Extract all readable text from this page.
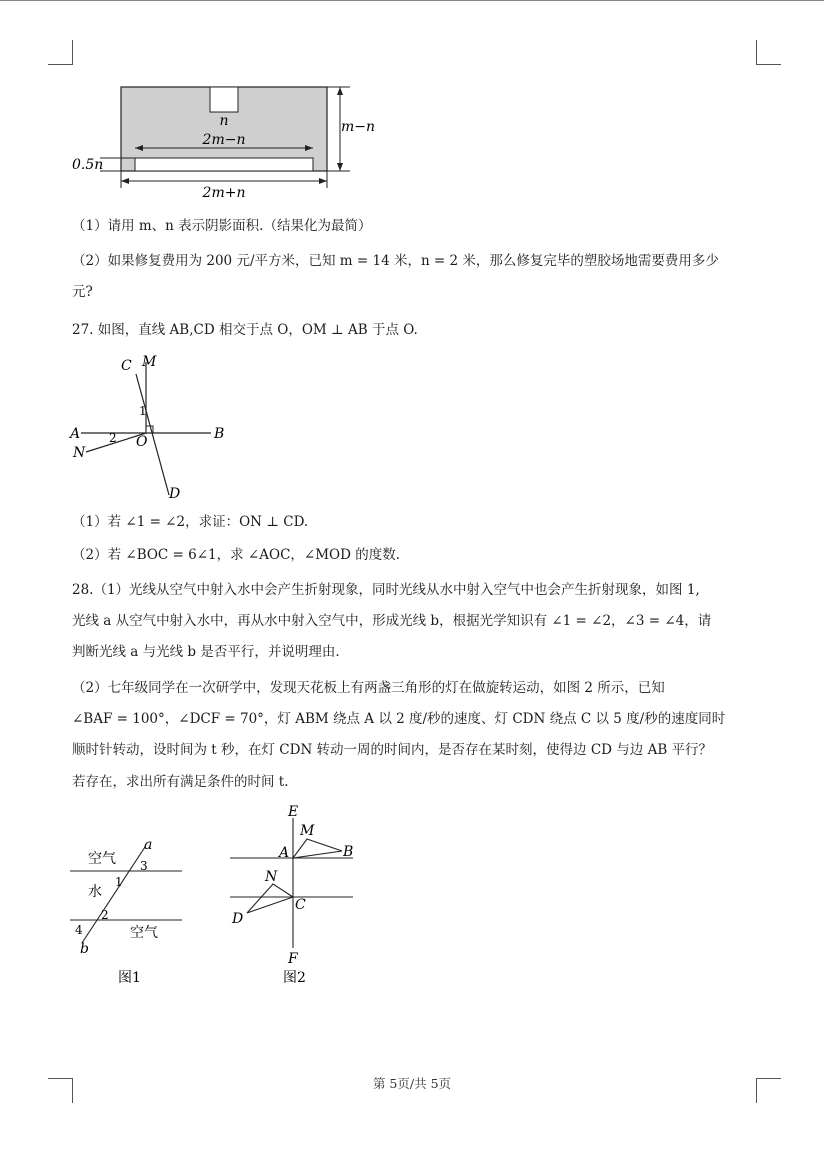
n
2m−n
m−n
0.5n
2m+n
（1）请用 m、n 表示阴影面积.（结果化为最简）
（2）如果修复费用为 200 元/平方米，已知 m = 14 米，n = 2 米，那么修复完毕的塑胶场地需要费用多少
元?
27. 如图，直线 AB,CD 相交于点 O，OM ⊥ AB 于点 O.
C M
1
A 2 O	B
N
D
（1）若 ∠1 = ∠2，求证：ON ⊥ CD.
（2）若 ∠BOC = 6∠1，求 ∠AOC，∠MOD 的度数.
28.（1）光线从空气中射入水中会产生折射现象，同时光线从水中射入空气中也会产生折射现象，如图 1,
光线 a 从空气中射入水中，再从水中射入空气中，形成光线 b，根据光学知识有 ∠1 = ∠2，∠3 = ∠4，请
判断光线 a 与光线 b 是否平行，并说明理由.
（2）七年级同学在一次研学中，发现天花板上有两盏三角形的灯在做旋转运动，如图 2 所示，已知
∠BAF = 100°，∠DCF = 70°，灯 ABM 绕点 A 以 2 度/秒的速度、灯 CDN 绕点 C 以 5 度/秒的速度同时
顺时针转动，设时间为 t 秒，在灯 CDN 转动一周的时间内，是否存在某时刻，使得边 CD 与边 AB 平行？
若存在，求出所有满足条件的时间 t.
空气
a
3
1
水
2
4	空气
b
图1
E
M
A	B
N
C
D
F
图2
第 5页/共 5页
